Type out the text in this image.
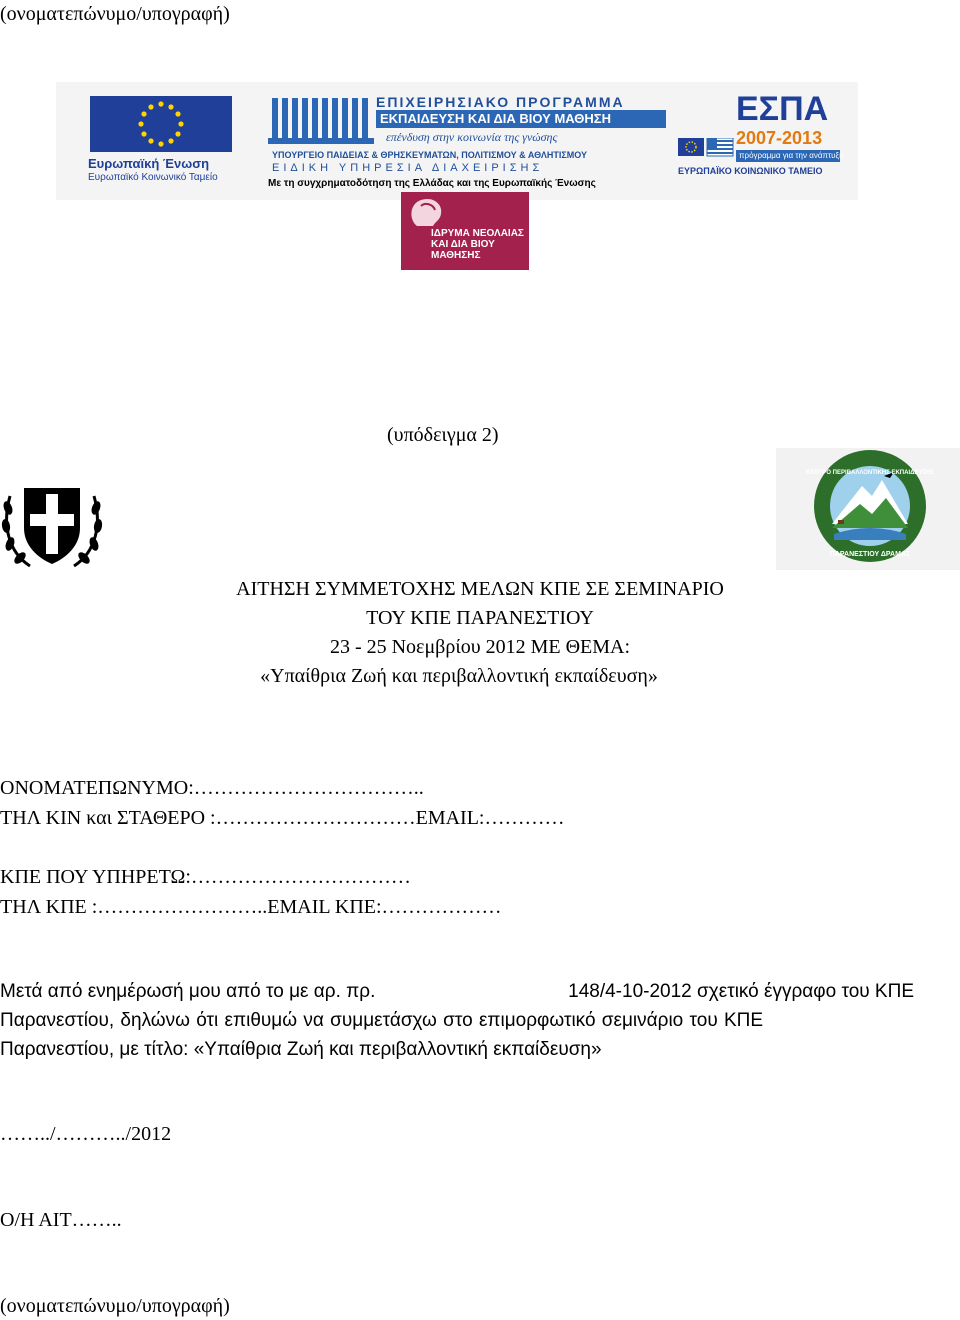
(ονοματεπώνυμο/υπογραφή)
Ευρωπαϊκή Ένωση
Ευρωπαϊκό Κοινωνικό Ταμείο
ΕΠΙΧΕΙΡΗΣΙΑΚΟ ΠΡΟΓΡΑΜΜΑ
ΕΚΠΑΙΔΕΥΣΗ ΚΑΙ ΔΙΑ ΒΙΟΥ ΜΑΘΗΣΗ
επένδυση στην κοινωνία της γνώσης
ΥΠΟΥΡΓΕΙΟ ΠΑΙΔΕΙΑΣ & ΘΡΗΣΚΕΥΜΑΤΩΝ, ΠΟΛΙΤΙΣΜΟΥ & ΑΘΛΗΤΙΣΜΟΥ
ΕΙΔΙΚΗ ΥΠΗΡΕΣΙΑ ΔΙΑΧΕΙΡΙΣΗΣ
Με τη συγχρηματοδότηση της Ελλάδας και της Ευρωπαϊκής Ένωσης
ΕΣΠΑ
2007-2013
πρόγραμμα για την ανάπτυξη
ΕΥΡΩΠΑΪΚΟ ΚΟΙΝΩΝΙΚΟ ΤΑΜΕΙΟ
ΙΔΡΥΜΑ ΝΕΟΛΑΙΑΣ ΚΑΙ ΔΙΑ ΒΙΟΥ ΜΑΘΗΣΗΣ
(υπόδειγμα 2)
ΚΕΝΤΡΟ ΠΕΡΙΒΑΛΛΟΝΤΙΚΗΣ ΕΚΠΑΙΔΕΥΣΗΣ
ΠΑΡΑΝΕΣΤΙΟΥ ΔΡΑΜΑΣ
ΑΙΤΗΣΗ ΣΥΜΜΕΤΟΧΗΣ ΜΕΛΩΝ ΚΠΕ ΣΕ ΣΕΜΙΝΑΡΙΟ
ΤΟΥ ΚΠΕ ΠΑΡΑΝΕΣΤΙΟΥ
23 - 25 Νοεμβρίου 2012 ΜΕ ΘΕΜΑ:
«Υπαίθρια Ζωή και περιβαλλοντική εκπαίδευση»
ΟΝΟΜΑΤΕΠΩΝΥΜΟ:……………………………..
ΤΗΛ ΚΙΝ και ΣΤΑΘΕΡΟ :…………………………EMAIL:…………
ΚΠΕ ΠΟΥ ΥΠΗΡΕΤΩ:……………………………
ΤΗΛ ΚΠΕ :……………………..EMAIL ΚΠΕ:………………
Μετά από ενημέρωσή μου από το με αρ. πρ.	148/4-10-2012 σχετικό έγγραφο του ΚΠΕ
Παρανεστίου, δηλώνω ότι επιθυμώ να συμμετάσχω στο επιμορφωτικό σεμινάριο του ΚΠΕ
Παρανεστίου, με τίτλο: «Υπαίθρια Ζωή και περιβαλλοντική εκπαίδευση»
……../………../2012
Ο/Η ΑΙΤ……..
(ονοματεπώνυμο/υπογραφή)
